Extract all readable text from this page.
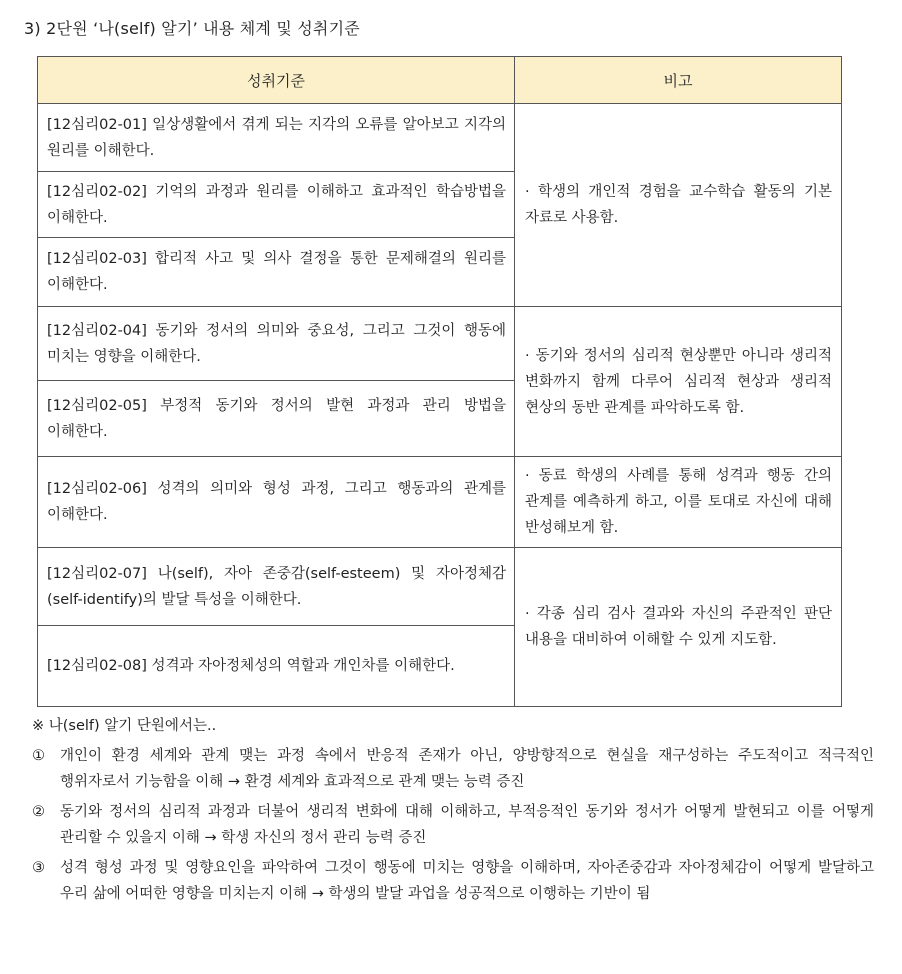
3) 2단원 ‘나(self) 알기’ 내용 체계 및 성취기준
성취기준	비고
[12심리02-01] 일상생활에서 겪게 되는 지각의 오류를 알아보고 지각의 원리를 이해한다.	· 학생의 개인적 경험을 교수학습 활동의 기본 자료로 사용함.
[12심리02-02] 기억의 과정과 원리를 이해하고 효과적인 학습방법을 이해한다.	
[12심리02-03] 합리적 사고 및 의사 결정을 통한 문제해결의 원리를 이해한다.	
[12심리02-04] 동기와 정서의 의미와 중요성, 그리고 그것이 행동에 미치는 영향을 이해한다.	· 동기와 정서의 심리적 현상뿐만 아니라 생리적 변화까지 함께 다루어 심리적 현상과 생리적 현상의 동반 관계를 파악하도록 함.
[12심리02-05] 부정적 동기와 정서의 발현 과정과 관리 방법을 이해한다.	
[12심리02-06] 성격의 의미와 형성 과정, 그리고 행동과의 관계를 이해한다.	· 동료 학생의 사례를 통해 성격과 행동 간의 관계를 예측하게 하고, 이를 토대로 자신에 대해 반성해보게 함.
[12심리02-07] 나(self), 자아 존중감(self-esteem) 및 자아정체감(self-identify)의 발달 특성을 이해한다.	· 각종 심리 검사 결과와 자신의 주관적인 판단 내용을 대비하여 이해할 수 있게 지도함.
[12심리02-08] 성격과 자아정체성의 역할과 개인차를 이해한다.	
※ 나(self) 알기 단원에서는..
① 개인이 환경 세계와 관계 맺는 과정 속에서 반응적 존재가 아닌, 양방향적으로 현실을 재구성하는 주도적이고 적극적인 행위자로서 기능함을 이해 → 환경 세계와 효과적으로 관계 맺는 능력 증진
② 동기와 정서의 심리적 과정과 더불어 생리적 변화에 대해 이해하고, 부적응적인 동기와 정서가 어떻게 발현되고 이를 어떻게 관리할 수 있을지 이해 → 학생 자신의 정서 관리 능력 증진
③ 성격 형성 과정 및 영향요인을 파악하여 그것이 행동에 미치는 영향을 이해하며, 자아존중감과 자아정체감이 어떻게 발달하고 우리 삶에 어떠한 영향을 미치는지 이해 → 학생의 발달 과업을 성공적으로 이행하는 기반이 됨
